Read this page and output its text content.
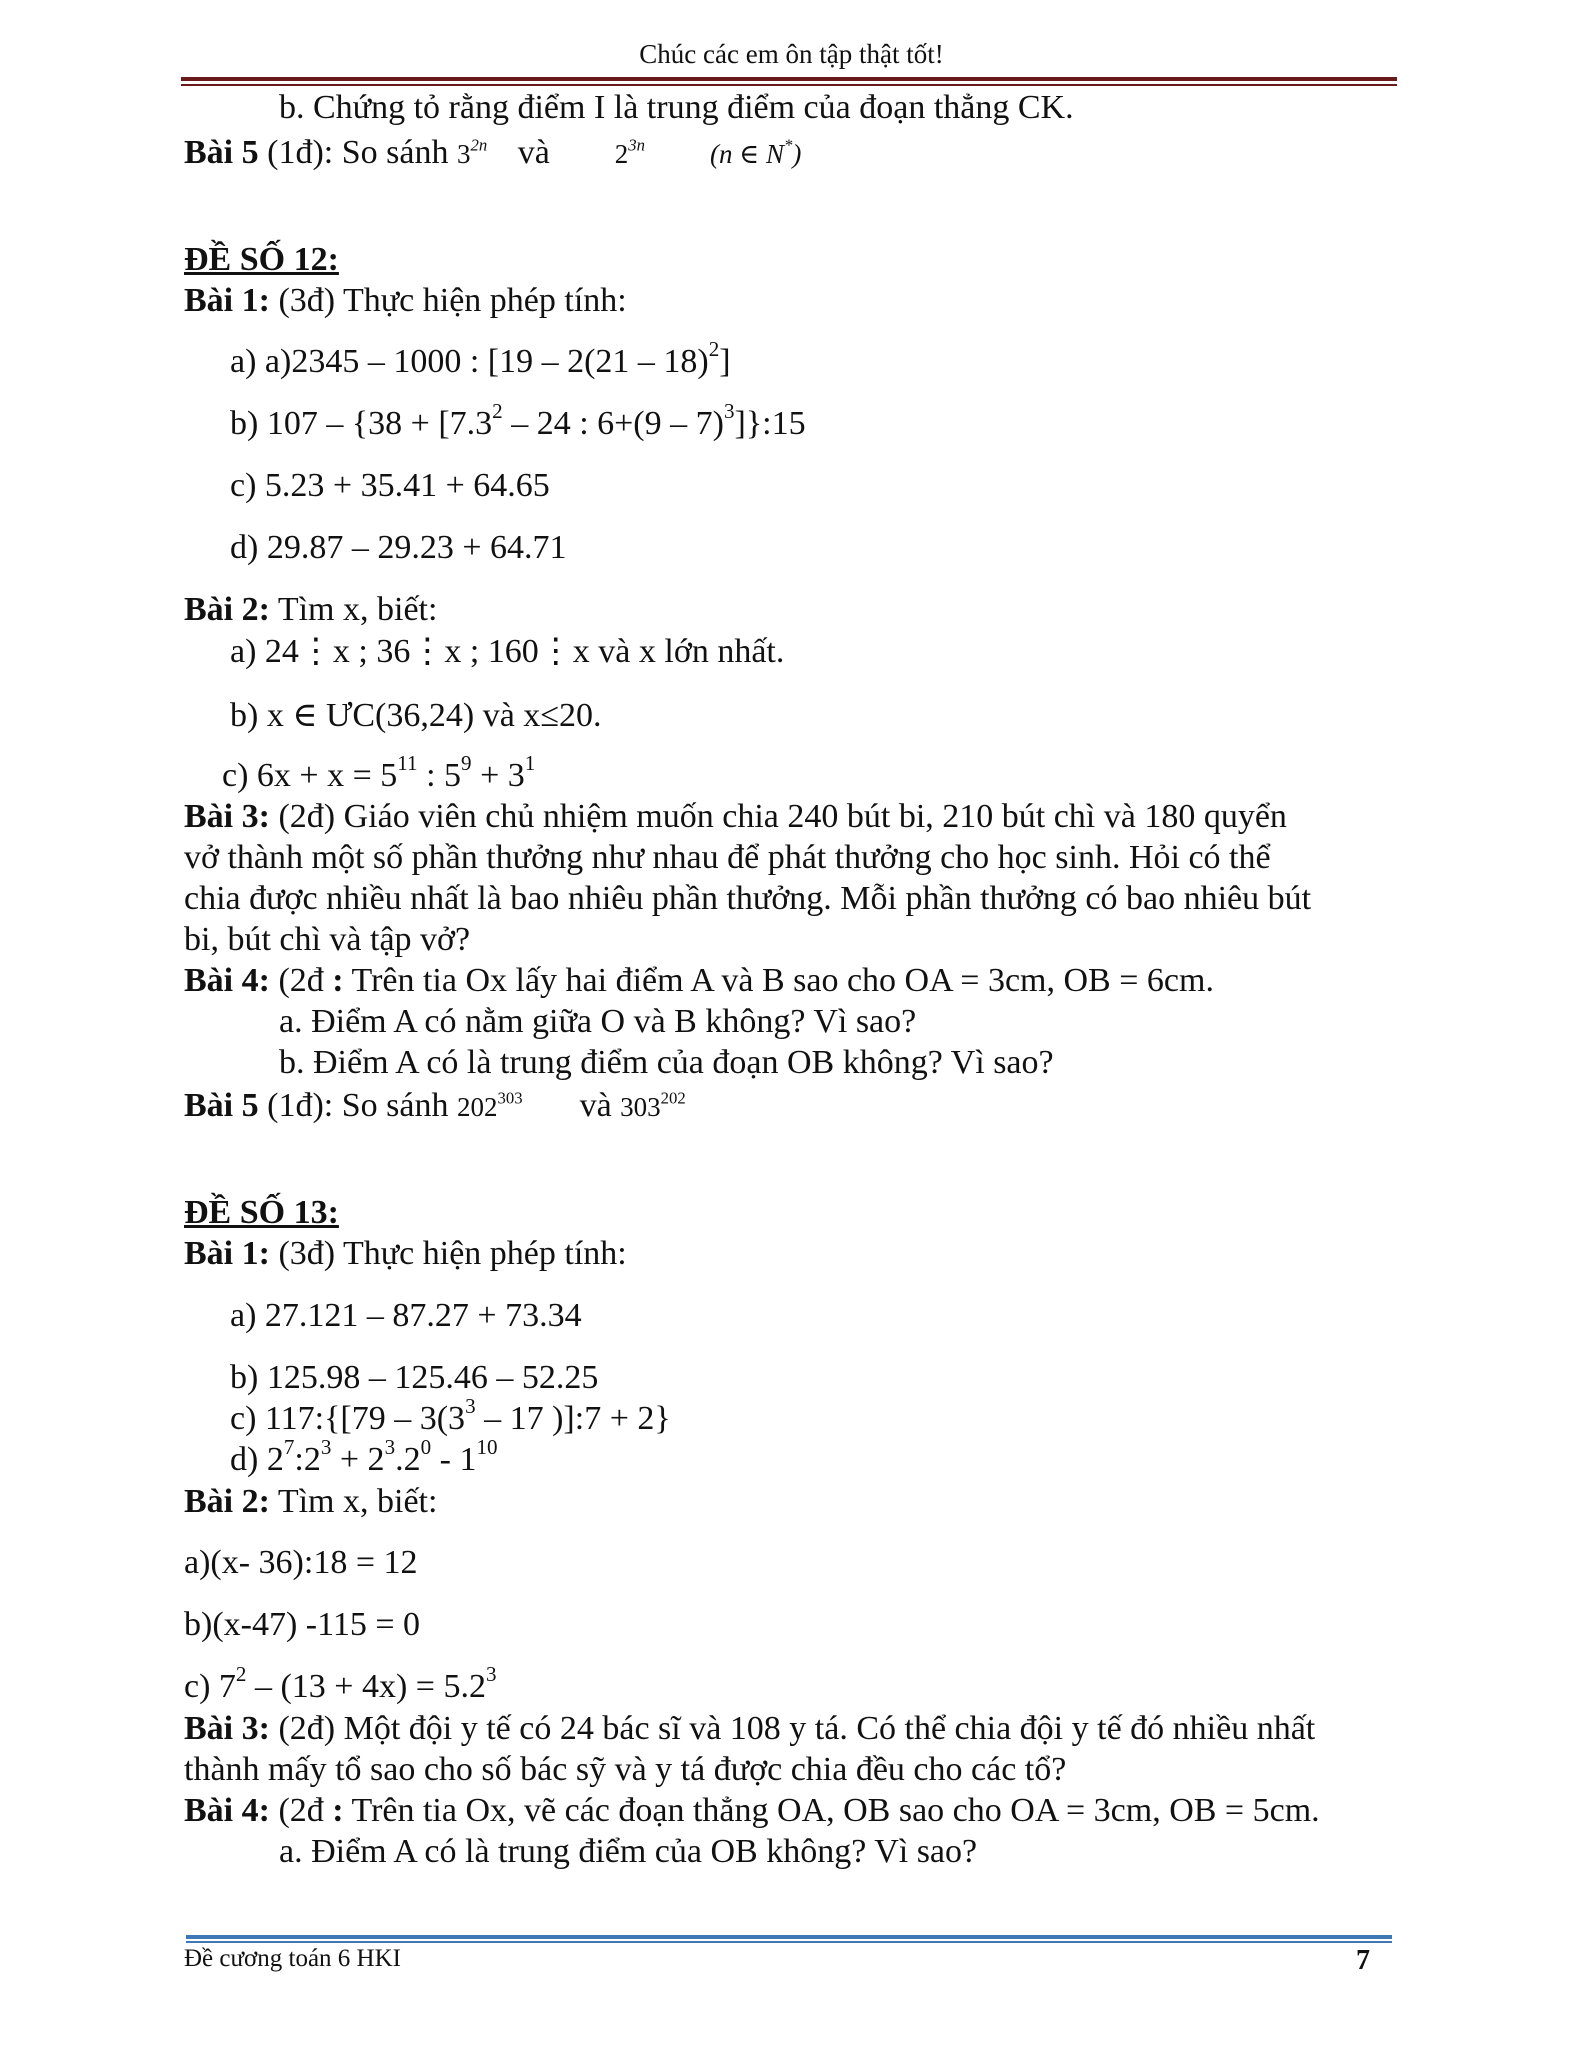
Chúc các em ôn tập thật tốt!
b. Chứng tỏ rằng điểm I là trung điểm của đoạn thẳng CK.
Bài 5 (1đ): So sánh $3^{2n}$ và $2^{3n}$ (n ∈ N*)
ĐỀ SỐ 12:
Bài 1: (3đ) Thực hiện phép tính:
a) a)2345 – 1000 : [19 – 2(21 – 18)$^2$]
b) $107 - \{38 + [7.3^2 - 24$ : 6+(9 – 7)$^3$]}:15
c) 5.23 + 35.41 + 64.65
d) 29.87 – 29.23 + 64.71
Bài 2: Tìm x, biết:
a) 24⋮x ; 36⋮x ; 160⋮x và x lớn nhất.
b) x ∈ ƯC(36,24) và x≤20.
c) $6x + x = 5^{11}$ : $5^9 + 3^1$
Bài 3: (2đ) Giáo viên chủ nhiệm muốn chia 240 bút bi, 210 bút chì và 180 quyển
vở thành một số phần thưởng như nhau để phát thưởng cho học sinh. Hỏi có thể
chia được nhiều nhất là bao nhiêu phần thưởng. Mỗi phần thưởng có bao nhiêu bút
bi, bút chì và tập vở?
Bài 4: (2đ : Trên tia Ox lấy hai điểm A và B sao cho OA = 3cm, OB = 6cm.
a. Điểm A có nằm giữa O và B không? Vì sao?
b. Điểm A có là trung điểm của đoạn OB không? Vì sao?
Bài 5 (1đ): So sánh $202^{303}$ và $303^{202}$
ĐỀ SỐ 13:
Bài 1: (3đ) Thực hiện phép tính:
a) 27.121 – 87.27 + 73.34
b) 125.98 – 125.46 – 52.25
c) 117:{[79 – $3(3^3 - 17$ )]:7 + 2}
d) $2^7:2^3 + 2^3.2^0 - 1^{10}$
Bài 2: Tìm x, biết:
a)(x- 36):18 = 12
b)(x-47) -115 = 0
c) $7^2 - (13 + 4x) = 5.2^3$
Bài 3: (2đ) Một đội y tế có 24 bác sĩ và 108 y tá. Có thể chia đội y tế đó nhiều nhất
thành mấy tổ sao cho số bác sỹ và y tá được chia đều cho các tổ?
Bài 4: (2đ : Trên tia Ox, vẽ các đoạn thẳng OA, OB sao cho OA = 3cm, OB = 5cm.
a. Điểm A có là trung điểm của OB không? Vì sao?
Đề cương toán 6 HKI	7
